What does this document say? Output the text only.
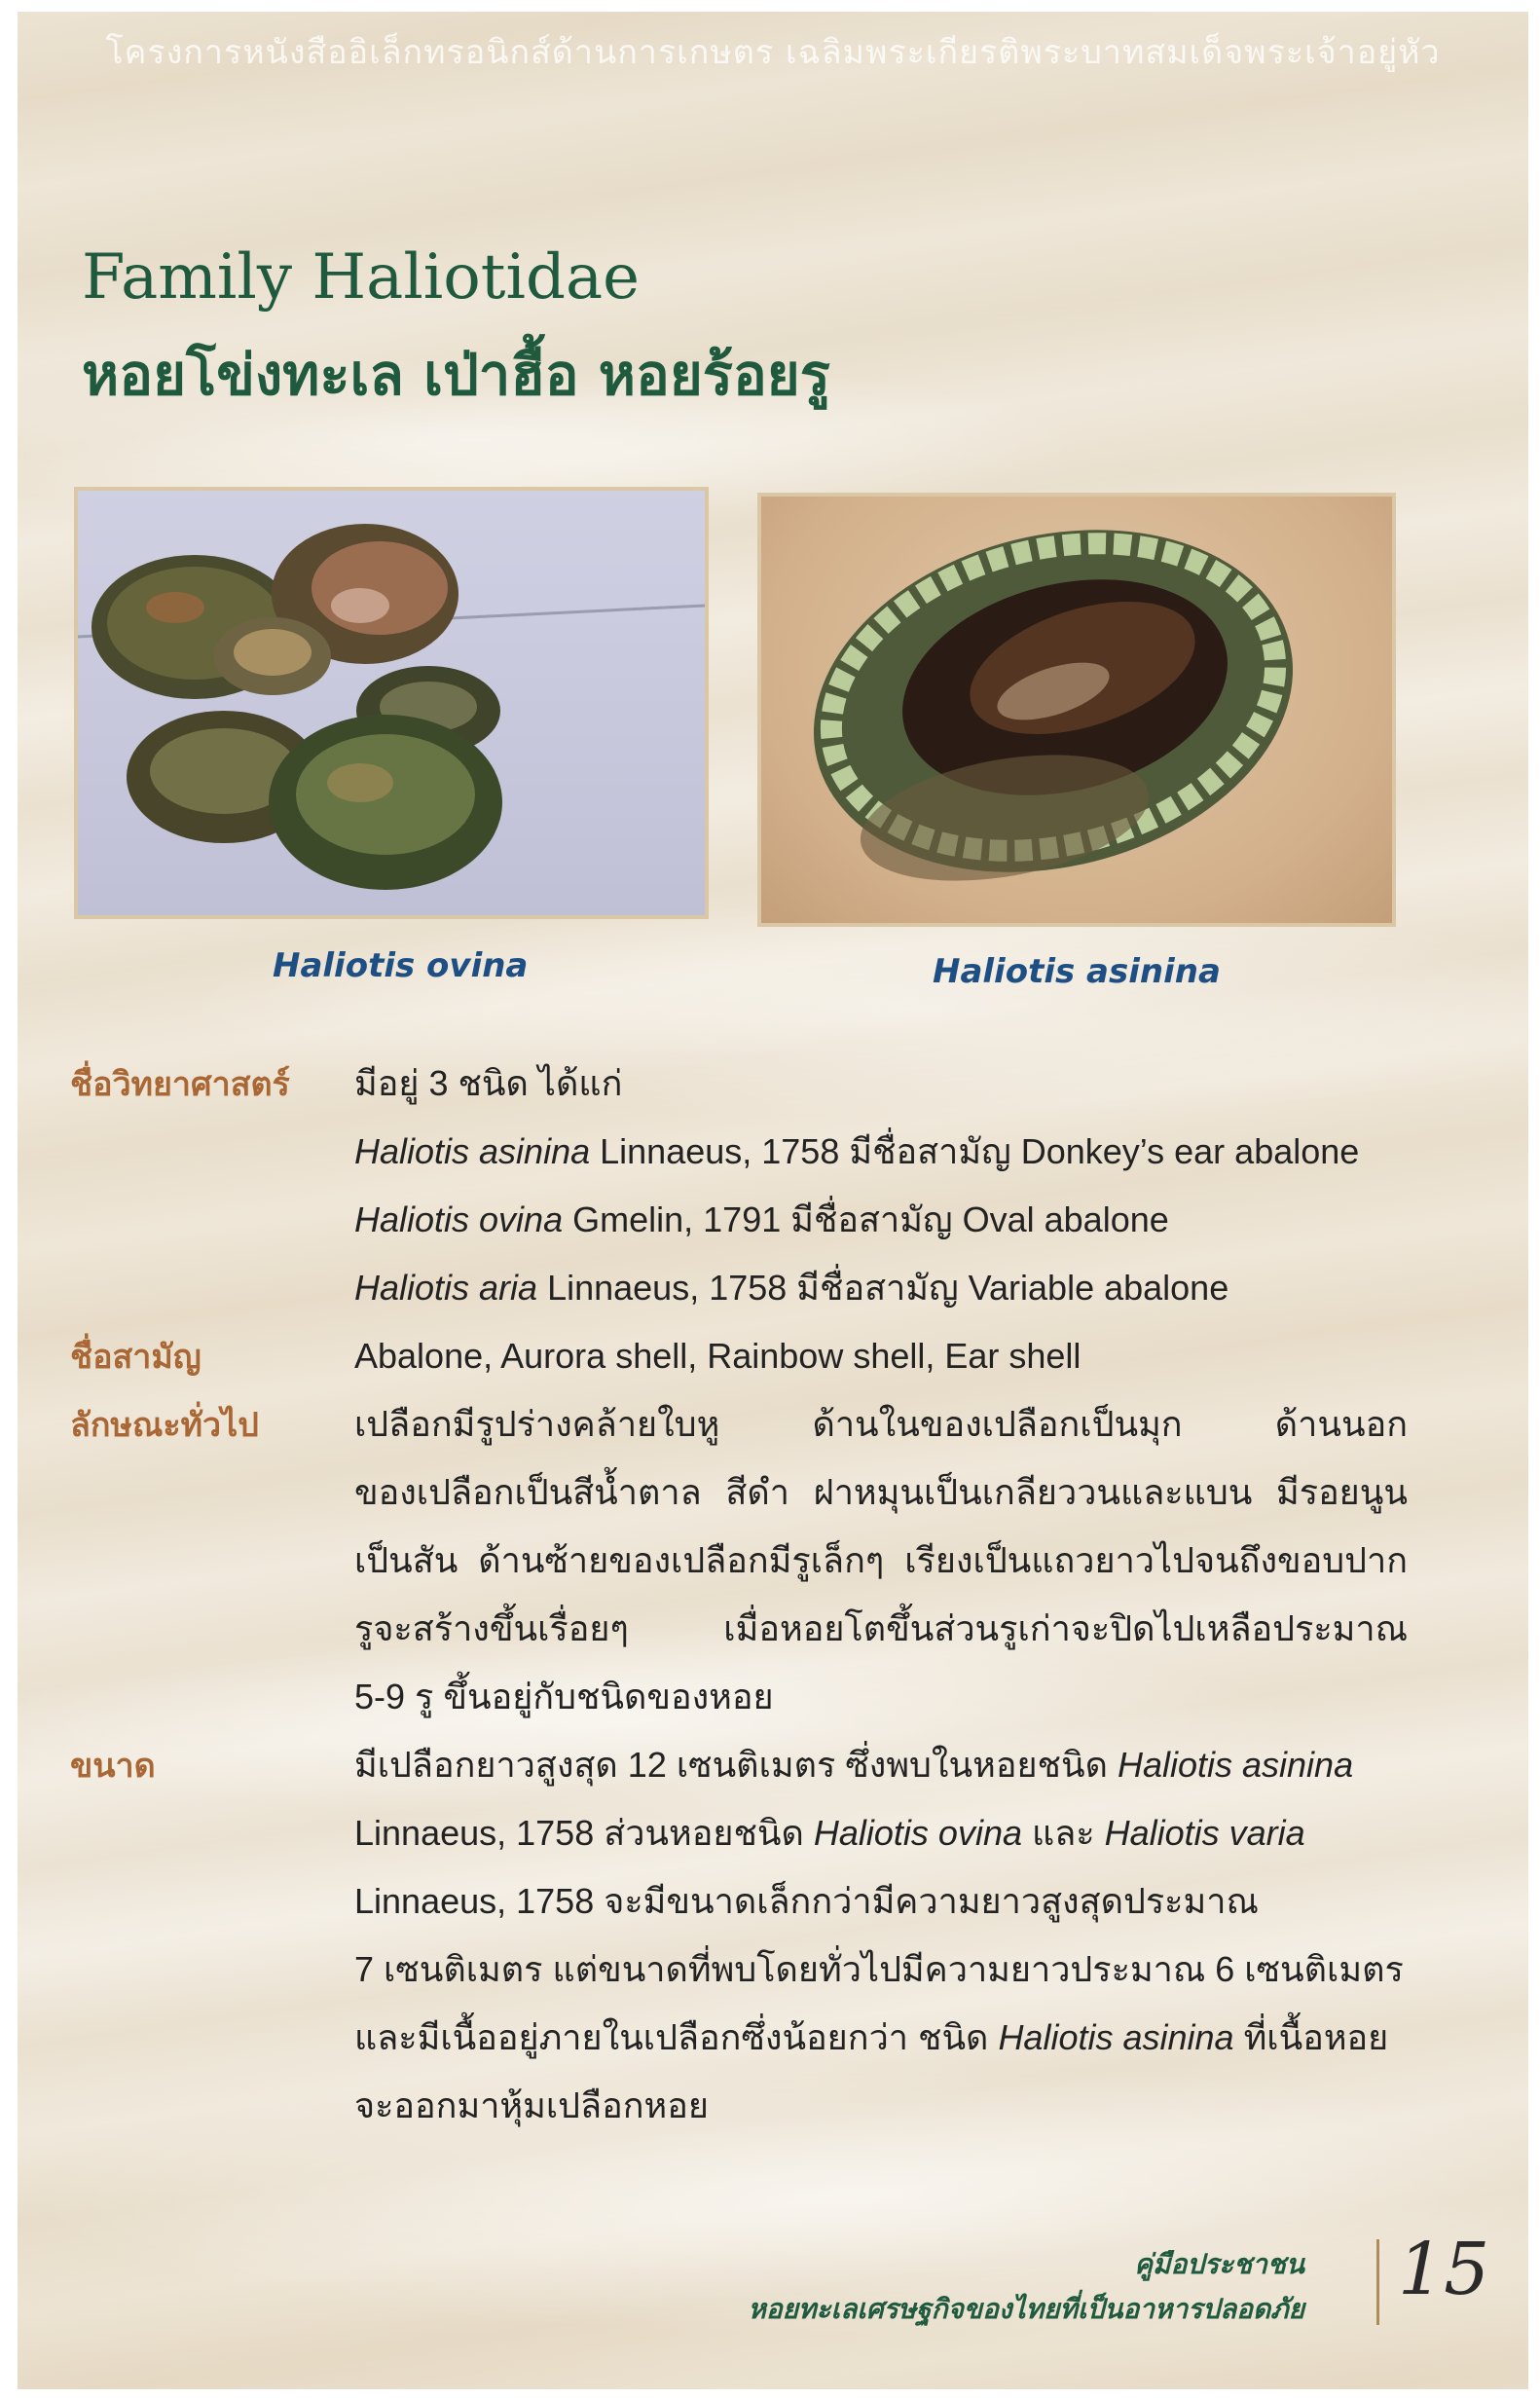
โครงการหนังสืออิเล็กทรอนิกส์ด้านการเกษตร เฉลิมพระเกียรติพระบาทสมเด็จพระเจ้าอยู่หัว
Family Haliotidae
หอยโข่งทะเล เป่าฮื้อ หอยร้อยรู
Haliotis ovina	Haliotis asinina
ชื่อวิทยาศาสตร์ มีอยู่ 3 ชนิด ได้แก่
Haliotis asinina Linnaeus, 1758 มีชื่อสามัญ Donkey’s ear abalone
Haliotis ovina Gmelin, 1791 มีชื่อสามัญ Oval abalone
Haliotis aria Linnaeus, 1758 มีชื่อสามัญ Variable abalone
ชื่อสามัญ	Abalone, Aurora shell, Rainbow shell, Ear shell
ลักษณะทั่วไป	เปลือกมีรูปร่างคล้ายใบหู ด้านในของเปลือกเป็นมุก ด้านนอก
ของเปลือกเป็นสีน้ำตาล สีดำ ฝาหมุนเป็นเกลียววนและแบน มีรอยนูน
เป็นสัน ด้านซ้ายของเปลือกมีรูเล็กๆ เรียงเป็นแถวยาวไปจนถึงขอบปาก
รูจะสร้างขึ้นเรื่อยๆ เมื่อหอยโตขึ้นส่วนรูเก่าจะปิดไปเหลือประมาณ
5-9 รู ขึ้นอยู่กับชนิดของหอย
ขนาด	มีเปลือกยาวสูงสุด 12 เซนติเมตร ซึ่งพบในหอยชนิด Haliotis asinina
Linnaeus, 1758 ส่วนหอยชนิด Haliotis ovina และ Haliotis varia
Linnaeus, 1758 จะมีขนาดเล็กกว่ามีความยาวสูงสุดประมาณ
7 เซนติเมตร แต่ขนาดที่พบโดยทั่วไปมีความยาวประมาณ 6 เซนติเมตร
และมีเนื้ออยู่ภายในเปลือกซึ่งน้อยกว่า ชนิด Haliotis asinina ที่เนื้อหอย
จะออกมาหุ้มเปลือกหอย
คู่มือประชาชน
หอยทะเลเศรษฐกิจของไทยที่เป็นอาหารปลอดภัย 15
